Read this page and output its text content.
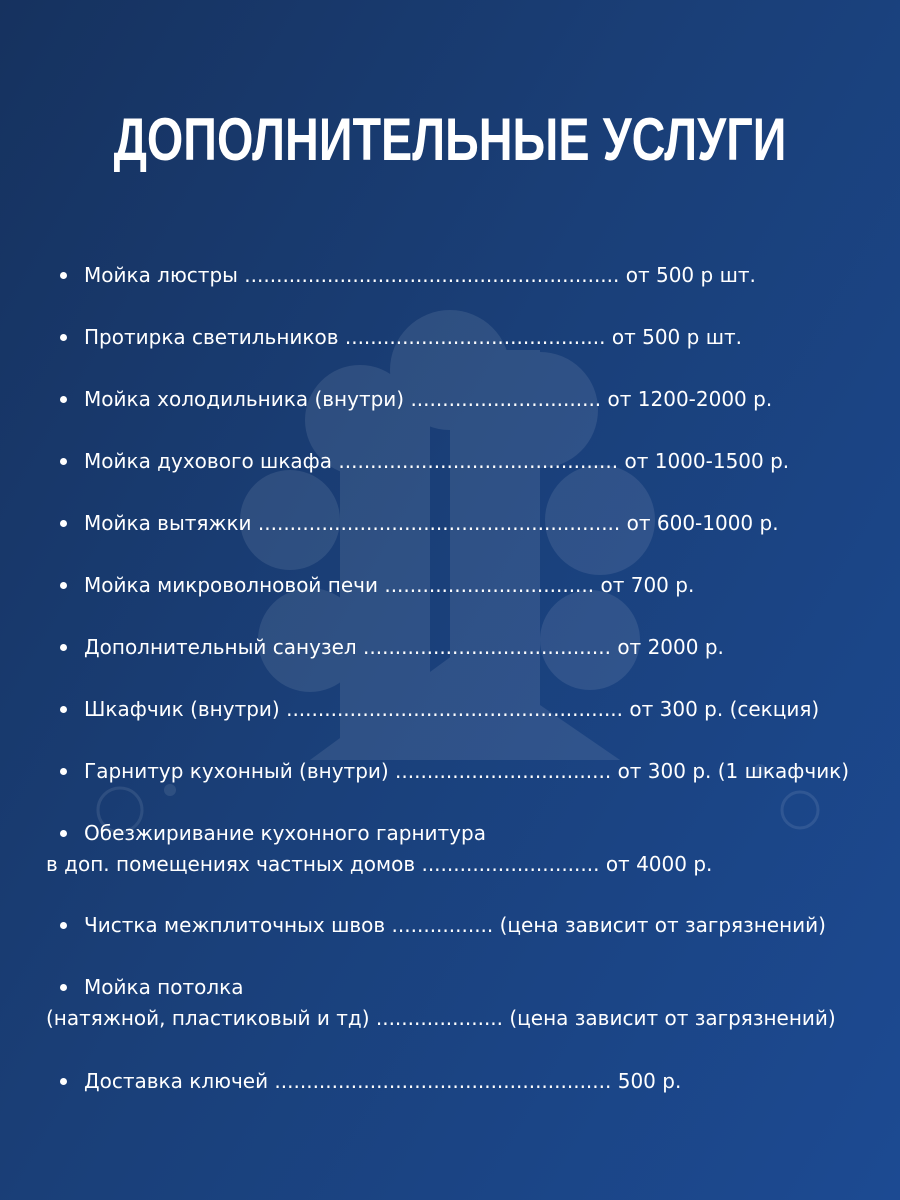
ДОПОЛНИТЕЛЬНЫЕ УСЛУГИ
Мойка люстры ........................................................... от 500 р шт.
Протирка светильников ......................................... от 500 р шт.
Мойка холодильника (внутри) .............................. от 1200-2000 р.
Мойка духового шкафа ............................................ от 1000-1500 р.
Мойка вытяжки ......................................................... от 600-1000 р.
Мойка микроволновой печи ................................. от 700 р.
Дополнительный санузел ....................................... от 2000 р.
Шкафчик (внутри) ..................................................... от 300 р. (секция)
Гарнитур кухонный (внутри) .................................. от 300 р. (1 шкафчик)
Обезжиривание кухонного гарнитура
в доп. помещениях частных домов ............................ от 4000 р.
Чистка межплиточных швов ................ (цена зависит от загрязнений)
Мойка потолка
(натяжной, пластиковый и тд) .................... (цена зависит от загрязнений)
Доставка ключей ..................................................... 500 р.
